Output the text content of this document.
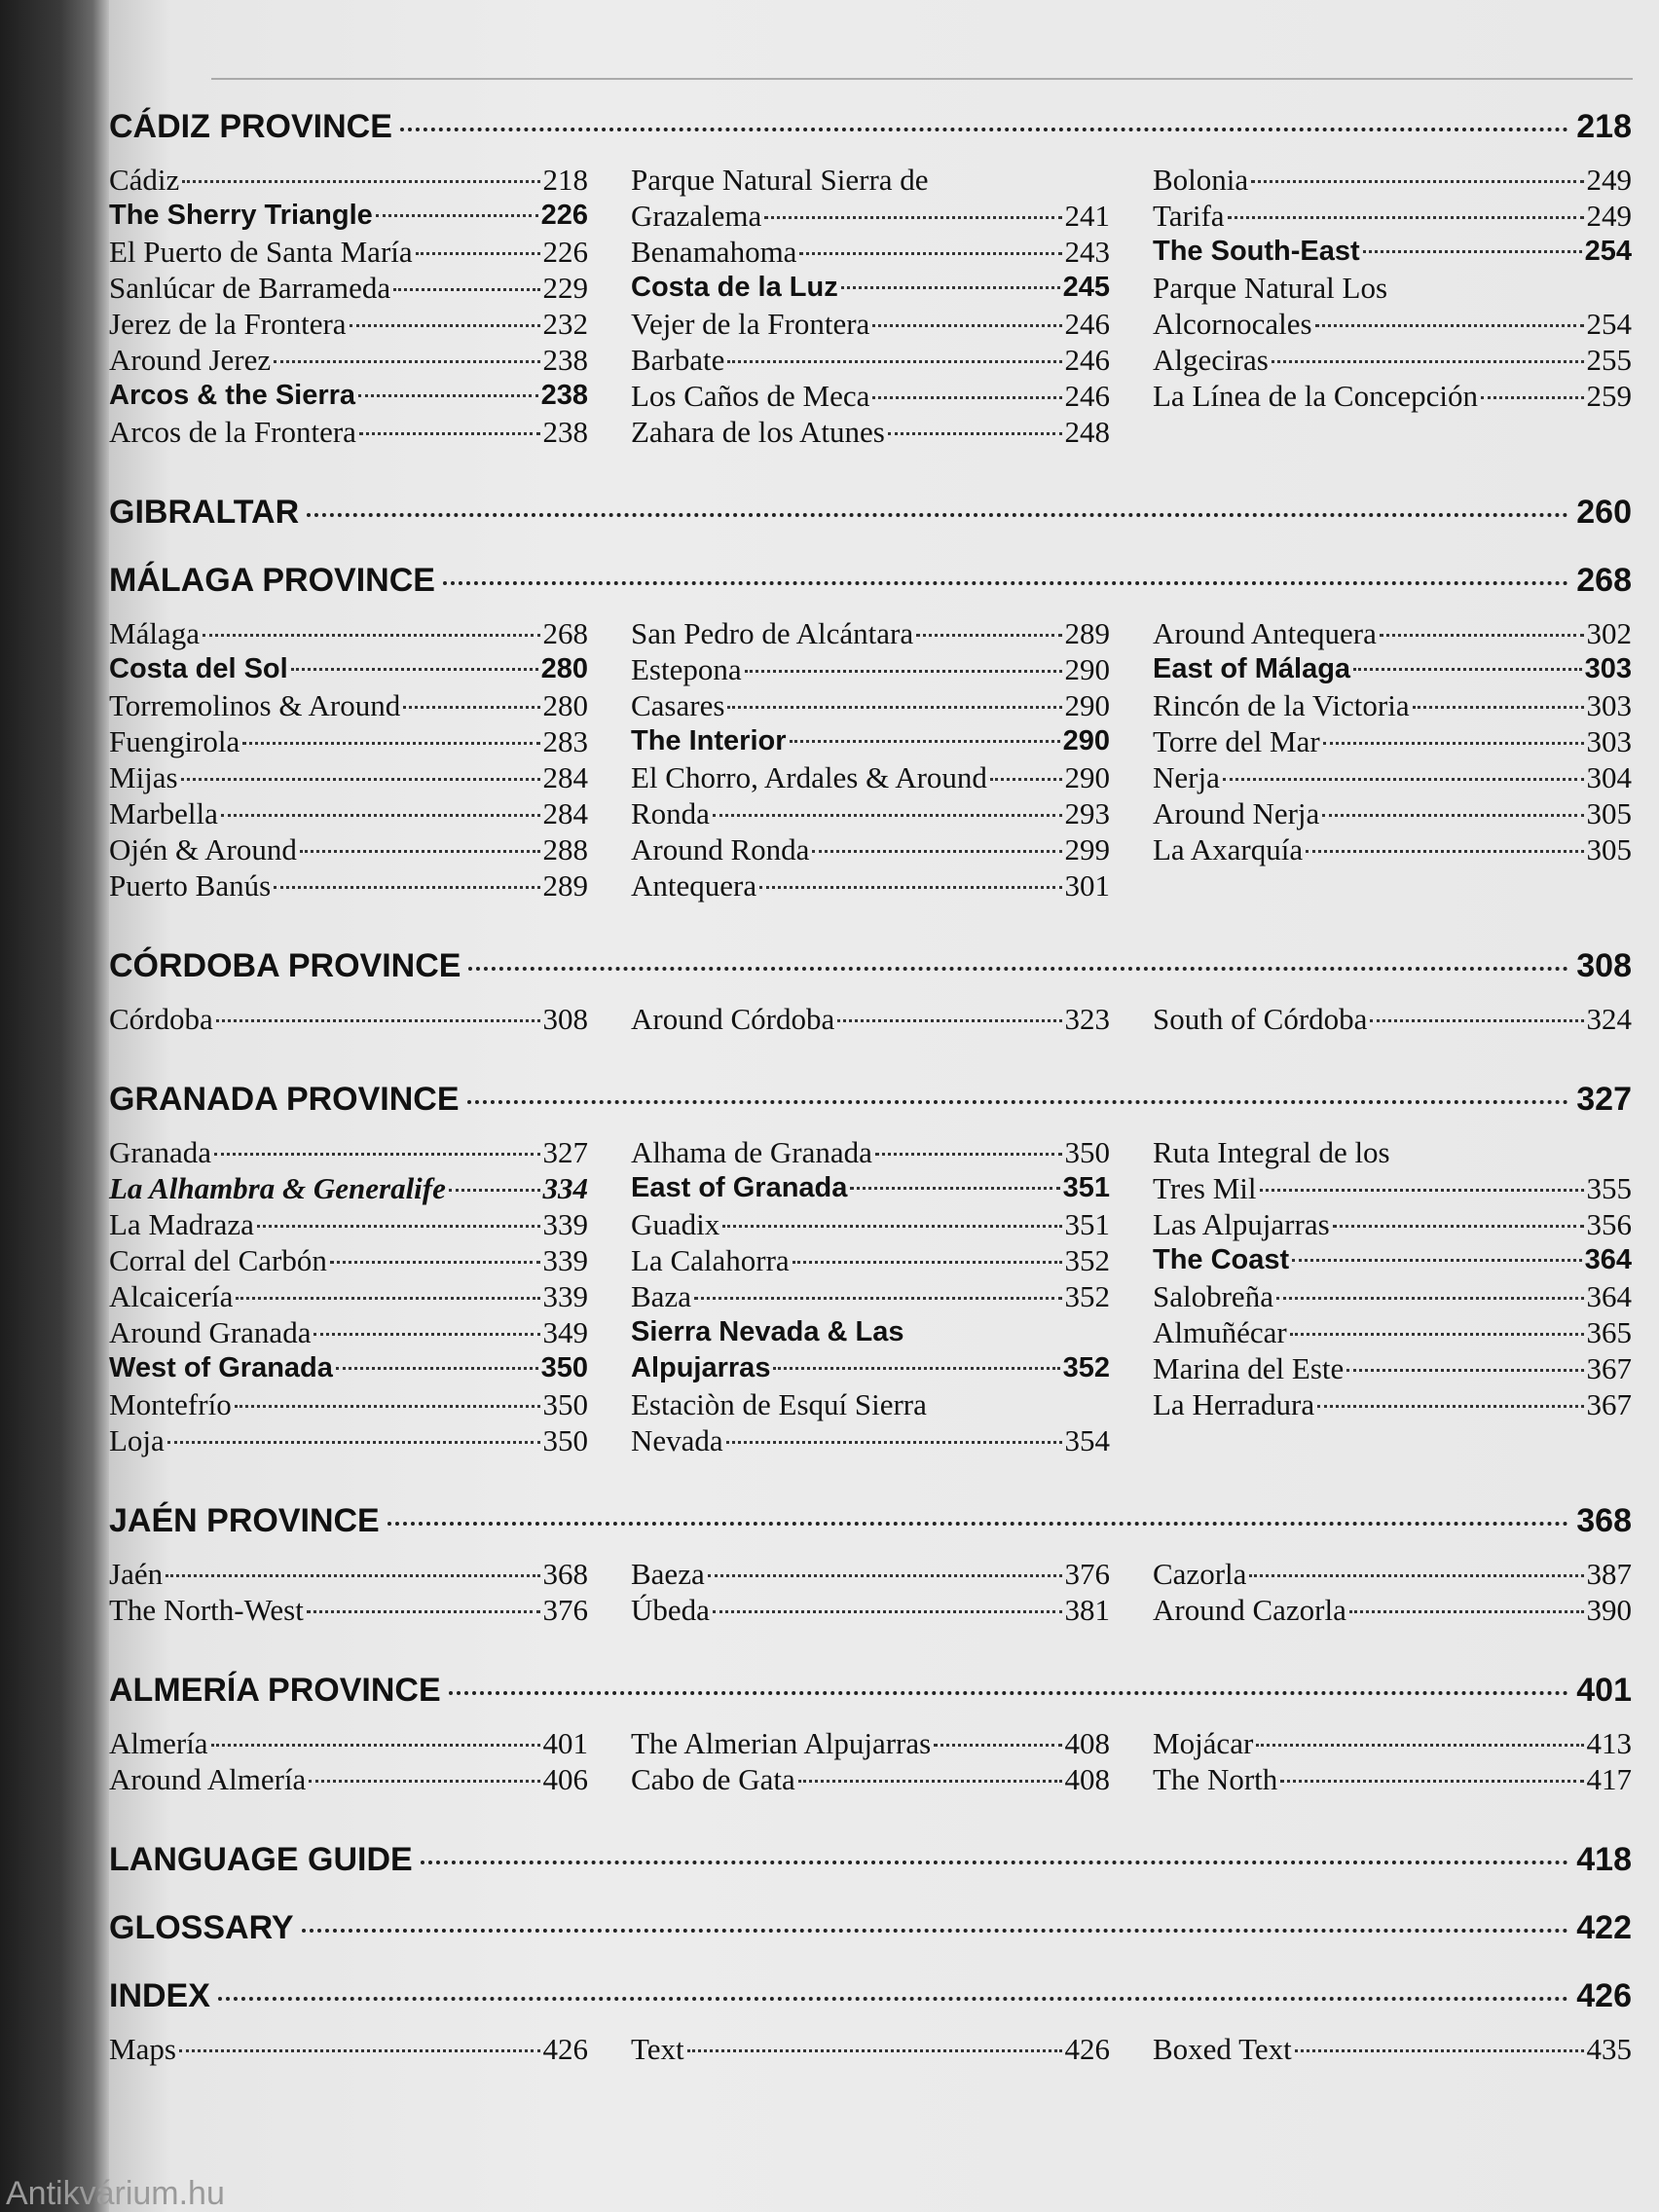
CÁDIZ PROVINCE	218
Cádiz	218
The Sherry Triangle	226
El Puerto de Santa María	226
Sanlúcar de Barrameda	229
Jerez de la Frontera	232
Around Jerez	238
Arcos & the Sierra	238
Arcos de la Frontera	238
Parque Natural Sierra de
Grazalema	241
Benamahoma	243
Costa de la Luz	245
Vejer de la Frontera	246
Barbate	246
Los Caños de Meca	246
Zahara de los Atunes	248
Bolonia	249
Tarifa	249
The South-East	254
Parque Natural Los
Alcornocales	254
Algeciras	255
La Línea de la Concepción	259
GIBRALTAR	260
MÁLAGA PROVINCE	268
Málaga	268
Costa del Sol	280
Torremolinos & Around	280
Fuengirola	283
Mijas	284
Marbella	284
Ojén & Around	288
Puerto Banús	289
San Pedro de Alcántara	289
Estepona	290
Casares	290
The Interior	290
El Chorro, Ardales & Around	290
Ronda	293
Around Ronda	299
Antequera	301
Around Antequera	302
East of Málaga	303
Rincón de la Victoria	303
Torre del Mar	303
Nerja	304
Around Nerja	305
La Axarquía	305
CÓRDOBA PROVINCE	308
Córdoba	308 Around Córdoba	323 South of Córdoba	324
GRANADA PROVINCE	327
Granada	327
La Alhambra & Generalife	334
La Madraza	339
Corral del Carbón	339
Alcaicería	339
Around Granada	349
West of Granada	350
Montefrío	350
Loja	350
Alhama de Granada	350
East of Granada	351
Guadix	351
La Calahorra	352
Baza	352
Sierra Nevada & Las
Alpujarras	352
Estaciòn de Esquí Sierra
Nevada	354
Ruta Integral de los
Tres Mil	355
Las Alpujarras	356
The Coast	364
Salobreña	364
Almuñécar	365
Marina del Este	367
La Herradura	367
JAÉN PROVINCE	368
Jaén	368
The North-West	376
Baeza	376
Úbeda	381
Cazorla	387
Around Cazorla	390
ALMERÍA PROVINCE	401
Almería	401
Around Almería	406
The Almerian Alpujarras	408
Cabo de Gata	408
Mojácar	413
The North	417
LANGUAGE GUIDE	418
GLOSSARY	422
INDEX	426
Maps	426 Text	426 Boxed Text	435
Antikvárium.hu
